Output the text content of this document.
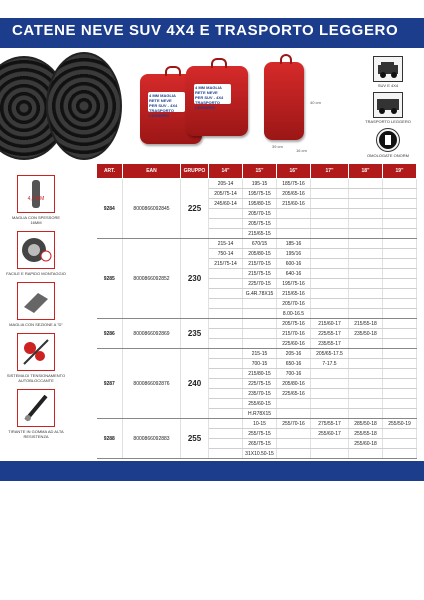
CATENE NEVE SUV 4X4 E TRASPORTO LEGGERO
4 MM MAGLIA RETE NEVE
PER SUV - 4X4 TRASPORTO LEGGERO
4 MM MAGLIA RETE NEVE
PER SUV - 4X4 TRASPORTO LEGGERO
39 cm
40 cm
16 cm
SUV E 4X4
TRASPORTO LEGGERO
OMOLOGATE ONORM
4,5 MM
MAGLIA CON SPESSORE 16MM
FACILE E RAPIDO MONTAGGIO
MAGLIA CON SEZIONE A "D"
SISTEMA DI TENSIONAMENTO AUTOBLOCCANTE
TIRANTE IN GOMMA AD ALTA RESISTENZA
ART.	EAN	GRUPPO	14"	15"	16"	17"	18"	19"
9284	8000866092845	225	205-14	195-15	185/75-16			
			205/75-14	195/75-15	205/65-16			
			245/60-14	195/80-15	215/60-16			
				205/70-15				
				205/75-15				
				215/65-15				
9285	8000866092852	230	215-14	670/15	185-16			
			750-14	205/80-15	195/16			
			215/75-14	215/70-15	600-16			
				215/75-15	640-16			
				225/70-15	195/75-16			
				G.4R.78X15	215/65-16			
					205/70-16			
					8.00-16.5			
9286	8000866092869	235			205/75-16	215/60-17	215/55-18	
					215/70-16	225/55-17	235/50-18	
					225/60-16	235/55-17		
9287	8000866092876	240		215-15	205-16	205/65-17.5		
				700-15	650-16	7-17.5		
				215/80-15	700-16			
				225/75-15	205/80-16			
				235/70-15	225/65-16			
				255/60-15				
				H.R78X15				
9288	8000866092883	255		10-15	255/70-16	275/55-17	285/50-18	255/50-19
				255/75-15		255/60-17	255/55-18	
				265/75-15			255/60-18	
				31X10.50-15				
